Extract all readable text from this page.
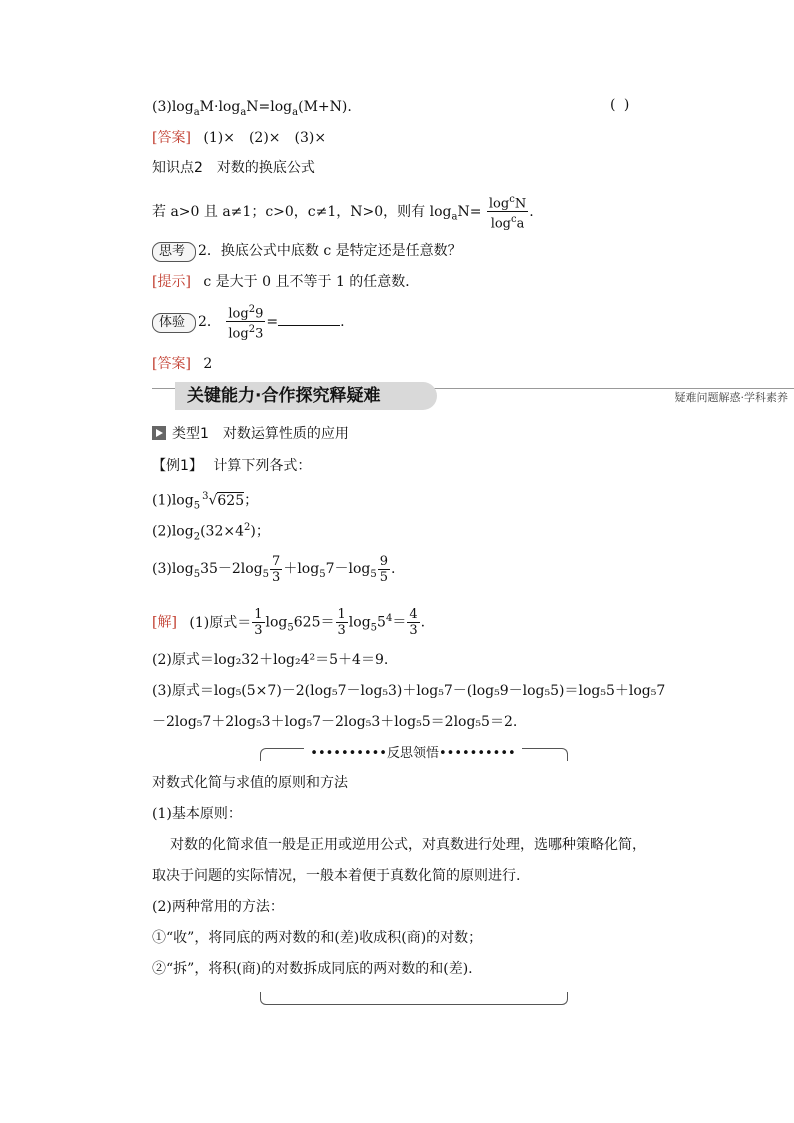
$(3)\log_aM\cdot\log_aN=\log_a(M+N)$.	( )
[答案] (1)×　(2)×　(3)×
知识点2　对数的换底公式
若 a>0 且 a≠1；c>0，c≠1，N>0，则有 $\log_aN= \frac{\log^cN}{\log^ca}$ .
思考 2．换底公式中底数 c 是特定还是任意数？
[提示] c 是大于 0 且不等于 1 的任意数．
体验 2． $\frac{\log^29}{\log^23}$ =	.
[答案] 2
关键能力·合作探究释疑难	疑难问题解惑·学科素养
类型1　对数运算性质的应用
【例1】 计算下列各式：
$(1)\log_5^3√625$；
$(2)\log_2(32\times 4^2)$；
$(3)\log_535-2\log_5 \frac{7}{3} +\log_57-\log_5 \frac{9}{5}$ .
[解] (1)原式＝ $\frac{1}{3} \log_5625= \frac{1}{3} \log_55^4= \frac{4}{3}$ .
(2)原式＝log₂32＋log₂4²＝5＋4＝9.
(3)原式＝log₅(5×7)－2(log₅7－log₅3)＋log₅7－(log₅9－log₅5)＝log₅5＋log₅7
－2log₅7＋2log₅3＋log₅7－2log₅3＋log₅5＝2log₅5＝2.
••••••••••反思领悟••••••••••
对数式化简与求值的原则和方法
(1)基本原则：
对数的化简求值一般是正用或逆用公式，对真数进行处理，选哪种策略化简，
取决于问题的实际情况，一般本着便于真数化简的原则进行.
(2)两种常用的方法：
①“收”，将同底的两对数的和(差)收成积(商)的对数；
②“拆”，将积(商)的对数拆成同底的两对数的和(差).
